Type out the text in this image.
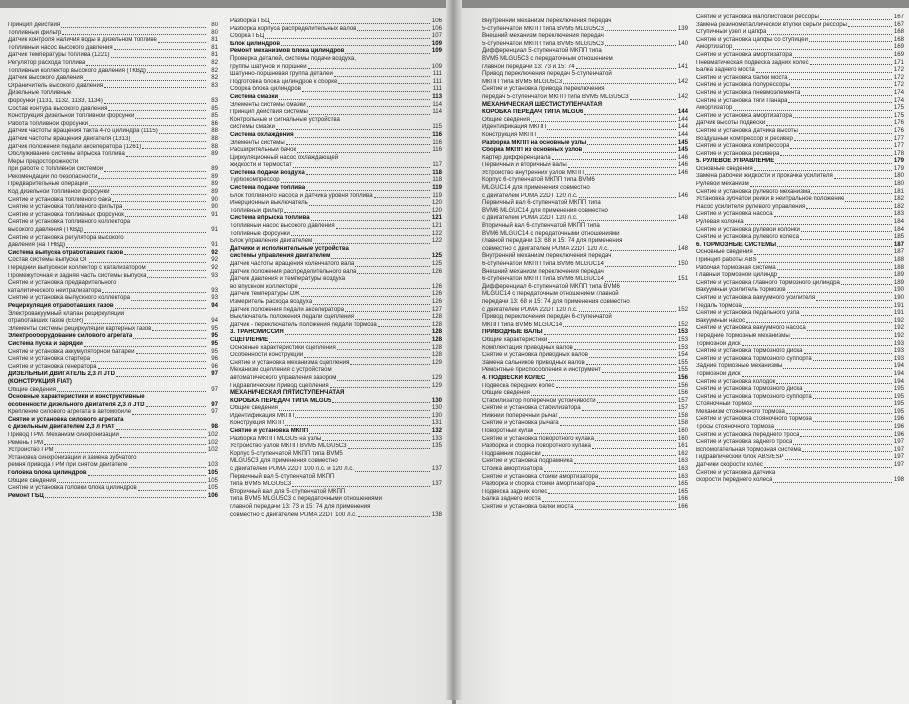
Принцип действия	80
Топливный фильтр	80
Датчик контроля наличия воды в дизельном топливе	81
Топливный насос высокого давления	81
Датчик температуры топлива (1221)	81
Регулятор расхода топлива	82
Топливный коллектор высокого давления (ТКВД)	82
Датчик высокого давления	82
Ограничитель высокого давления	83
Дизельные топливные
форсунки (1131, 1132, 1133, 1134)	83
Состав контура высокого давления	85
Конструкция дизельной топливной форсунки	85
Работа топливной форсунки	86
Датчик частоты вращения такта 4-го цилиндра (1115)	88
Датчик частоты вращения двигателя (1313)	88
Датчик положения педали акселератора (1261)	88
Обслуживание системы впрыска топлива	89
Меры предосторожности
при работе с топливной системой	89
Рекомендации по безопасности	89
Предварительные операции	89
Код дизельной топливной форсунки	89
Снятие и установка топливного бака	90
Снятие и установка топливного фильтра	90
Снятие и установка топливных форсунок	91
Снятие и установка топливного коллектора
высокого давления (ТКВД)	91
Снятие и установка регулятора высокого
давления (на ТНВД)	91
Система выпуска отработавших газов	92
Состав системы выпуска ОГ	92
Передний выпускной коллектор с катализатором	92
Промежуточная и задняя часть системы выпуска	93
Снятие и установка предварительного
каталитического нейтрализатора	93
Снятие и установка выпускного коллектора	93
Рециркуляция отработавших газов	94
Электровакуумный клапан рециркуляции
отработавших газов (EGR)	94
Элементы системы рециркуляции картерных газов	95
Электрооборудование силового агрегата	95
Система пуска и зарядки	95
Снятие и установка аккумуляторной батареи	95
Снятие и установка стартера	96
Снятие и установка генератора	96
ДИЗЕЛЬНЫЙ ДВИГАТЕЛЬ 2,3 Л JTD	97
(КОНСТРУКЦИЯ FIAT)
Общие сведения	97
Основные характеристики и конструктивные
особенности дизельного двигателя 2,3 л JTD	97
Крепление силового агрегата в автомобиле	97
Снятие и установка силового агрегата
с дизельным двигателем 2,3 л FIAT	98
Привод ГРМ. Механизм синхронизации	102
Ремень ГРМ	102
Устройство ГРМ	102
Установка синхронизации и замена зубчатого
ремня привода ГРМ при снятом двигателе	103
Головка блока цилиндров	105
Общие сведения	105
Снятие и установка головки блока цилиндров	105
Ремонт ГБЦ	106
Разборка ГБЦ	106
Разборка корпуса распределительных валов	106
Сборка ГБЦ	107
Блок цилиндров	109
Ремонт механизмов блока цилиндров	109
Проверка деталей, системы подачи воздуха,
группы шатунов и поршней	109
Шатунно-поршневая группа деталей	111
Подготовка блока цилиндров к сборке	111
Сборка блока цилиндров	111
Система смазки	113
Элементы системы смазки	114
Принцип действия системы	114
Контрольные и сигнальные устройства
системы смазки	115
Система охлаждения	116
Элементы системы	116
Расширительный бачок	116
Циркуляционный насос охлаждающей
жидкости и термостат	117
Система подачи воздуха	118
Турбокомпрессор	118
Система подачи топлива	119
Блок топливного насоса и датчика уровня топлива	119
Инерционный выключатель	120
Топливный фильтр	120
Система впрыска топлива	121
Топливный насос высокого давления	121
Топливные форсунки	122
Блок управления двигателем	122
Датчики и исполнительные устройства
системы управления двигателем	125
Датчик частоты вращения коленчатого вала	125
Датчик положения распределительного вала	126
Датчик давления и температуры воздуха
во впускном коллекторе	126
Датчик температуры ОЖ	126
Измеритель расхода воздуха	126
Датчик положения педали акселератора	127
Выключатель положения педали сцепления	128
Датчик - переключатель положения педали тормоза	128
3. ТРАНСМИССИЯ	128
СЦЕПЛЕНИЕ	128
Основные характеристики сцепления	128
Особенности конструкции	128
Снятие и установка механизма сцепления	129
Механизм сцепления с устройством
автоматического управления зазором	129
Гидравлический привод сцепления	129
МЕХАНИЧЕСКАЯ ПЯТИСТУПЕНЧАТАЯ
КОРОБКА ПЕРЕДАЧ ТИПА MLGU5	130
Общие сведения	130
Идентификация МКПП	130
Конструкция МКПП	131
Снятие и установка МКПП	132
Разборка МКПП MLGU5 на узлы	133
Устройство узлов МКПП BVM5 MLGU5C3	135
Корпус 5-ступенчатой МКПП типа BVM5
MLGU5C3 для применения совместно
с двигателем PUMA 22DT 100 л.с. и 120 л.с.	137
Первичный вал 5-ступенчатой МКПП
типа BVM5 MLGU5C3	137
Вторичный вал для 5-ступенчатой МКПП
типа BVM5 MLGU5C3 с передаточными отношениями
главной передачи 13: 73 и 15: 74 для применения
совместно с двигателем PUMA 22DT 100 л.с.	138
Внутренний механизм переключения передач
5-ступенчатой МКПП типа BVM5 MLGU5C3	139
Внешний механизм переключения передач
5-ступенчатой МКПП типа BVM5 MLGU5C3	140
Дифференциал 5-ступенчатой МКПП типа
BVM5 MLGU5C3 с передаточным отношением
главной передачи 13: 73 и 15: 74	141
Привод переключения передач 5-ступенчатой
МКПП типа BVM5 MLGU5C3	142
Снятие и установка привода переключения
передач 5-ступенчатой МКПП типа BVM5 MLGU5C3	142
МЕХАНИЧЕСКАЯ ШЕСТИСТУПЕНЧАТАЯ
КОРОБКА ПЕРЕДАЧ ТИПА MLGU6	144
Общие сведения	144
Идентификация МКПП	144
Конструкция МКПП	144
Разборка МКПП на основные узлы	145
Сборка МКПП из основных узлов	145
Картер дифференциала	146
Первичный и вторичный валы	146
Устройство внутренних узлов МКПП	146
Корпус 6-ступенчатой МКПП типа BVM6
MLGUC14 для применения совместно
с двигателем PUMA 22DT 120 л.с.	146
Первичный вал 6-ступенчатой МКПП типа
BVM6 MLGUC14 для применения совместно
с двигателем PUMA 22DT 120 л.с.	148
Вторичный вал 6-ступенчатой МКПП типа
BVM6 MLGUC14 с передаточными отношениями
главной передачи 13: 68 и 15: 74 для применения
совместно с двигателем PUMA 22DT 120 л.с.	148
Внутренний механизм переключения передач
6-ступенчатой МКПП типа BVM6 MLGUC14	150
Внешний механизм переключения передач
6-ступенчатой МКПП типа BVM6 MLGUC14	151
Дифференциал 6-ступенчатой МКПП типа BVM6
MLGUC14 с передаточным отношением главной
передачи 13: 68 и 15: 74 для применения совместно
с двигателем PUMA 22DT 120 л.с.	152
Привод переключения передач 6-ступенчатой
МКПП типа BVM6 MLGUC14	152
ПРИВОДНЫЕ ВАЛЫ	153
Общие характеристики	153
Комплектация приводных валов	153
Снятие и установка приводных валов	154
Замена сальников приводных валов	155
Ремонтные приспособления и инструмент	155
4. ПОДВЕСКИ КОЛЕС	156
Подвеска передних колес	156
Общие сведения	156
Стабилизатор поперечной устойчивости	157
Снятие и установка стабилизатора	157
Нижний поперечный рычаг	158
Снятие и установка рычага	158
Поворотный кулак	160
Снятие и установка поворотного кулака	160
Разборка и сборка поворотного кулака	161
Подрамник подвески	162
Снятие и установка подрамника	163
Стойка амортизатора	163
Снятие и установка стойки амортизатора	163
Разборка и сборка стойки амортизатора	165
Подвеска задних колес	165
Балка заднего моста	166
Снятие и установка балки моста	166
Снятие и установка малолистовой рессоры	167
Замена резинометаллической втулки серьги рессоры	167
Ступичный узел и цапфа	168
Снятие и установка цапфы со ступицей	168
Амортизатор	169
Снятие и установка амортизатора	169
Пневматическая подвеска задних колес	171
Балка заднего моста	172
Снятие и установка балки моста	172
Снятие и установка полурессоры	172
Снятие и установка пневмоэлемента	174
Снятие и установка тяги Панара	174
Амортизатор	175
Снятие и установка амортизатора	175
Датчик высоты подвески	176
Снятие и установка датчика высоты	176
Воздушный компрессор и ресивер	177
Снятие и установка компрессора	177
Снятие и установка ресивера	178
5. РУЛЕВОЕ УПРАВЛЕНИЕ	179
Основные сведения	179
Замена рабочей жидкости и прокачка усилителя	180
Рулевой механизм	180
Снятие и установка рулевого механизма	181
Установка зубчатой рейки в нейтральное положение	182
Насос усилителя рулевого управления	182
Снятие и установка насоса	183
Рулевая колонка	184
Снятие и установка рулевой колонки	184
Снятие и установка рулевого колеса	185
6. ТОРМОЗНЫЕ СИСТЕМЫ	187
Основные сведения	187
Принцип работы ABS	188
Рабочая тормозная система	188
Главный тормозной цилиндр	189
Снятие и установка главного тормозного цилиндра	189
Вакуумный усилитель тормозов	190
Снятие и установка вакуумного усилителя	190
Педаль тормоза	191
Снятие и установка педального узла	191
Вакуумный насос	192
Снятие и установка вакуумного насоса	192
Передние тормозные механизмы	192
Тормозной диск	193
Снятие и установка тормозного диска	193
Снятие и установка тормозного суппорта	193
Задние тормозные механизмы	194
Тормозной диск	194
Снятие и установка колодок	194
Снятие и установка тормозного диска	195
Снятие и установка тормозного суппорта	195
Стояночный тормоз	195
Механизм стояночного тормоза	195
Снятие и установка стояночного тормоза	196
Тросы стояночного тормоза	196
Снятие и установка переднего троса	196
Снятие и установка заднего троса	197
Вспомогательная тормозная система	197
Гидравлический блок ABS/ESP	197
Датчики скорости колес	197
Снятие и установка датчика
скорости переднего колеса	198
